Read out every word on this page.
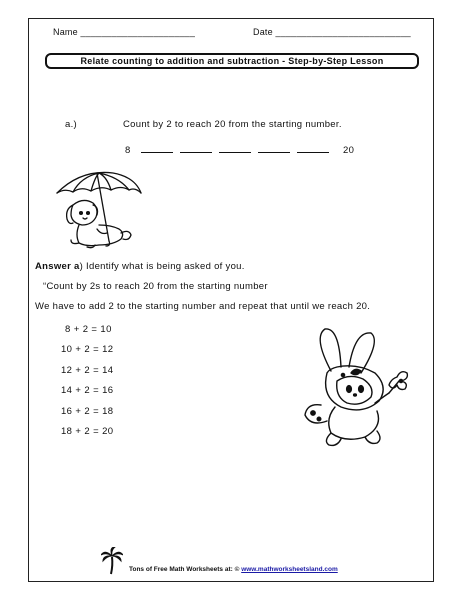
Name ______________________	Date __________________________
Relate counting to addition and subtraction - Step-by-Step Lesson
a.)	Count by 2 to reach 20 from the starting number.
8	20
Answer a) Identify what is being asked of you.
“Count by 2s to reach 20 from the starting number
We have to add 2 to the starting number and repeat that until we reach 20.
8 + 2 = 10
10 + 2 = 12
12 + 2 = 14
14 + 2 = 16
16 + 2 = 18
18 + 2 = 20
Tons of Free Math Worksheets at: © www.mathworksheetsland.com
